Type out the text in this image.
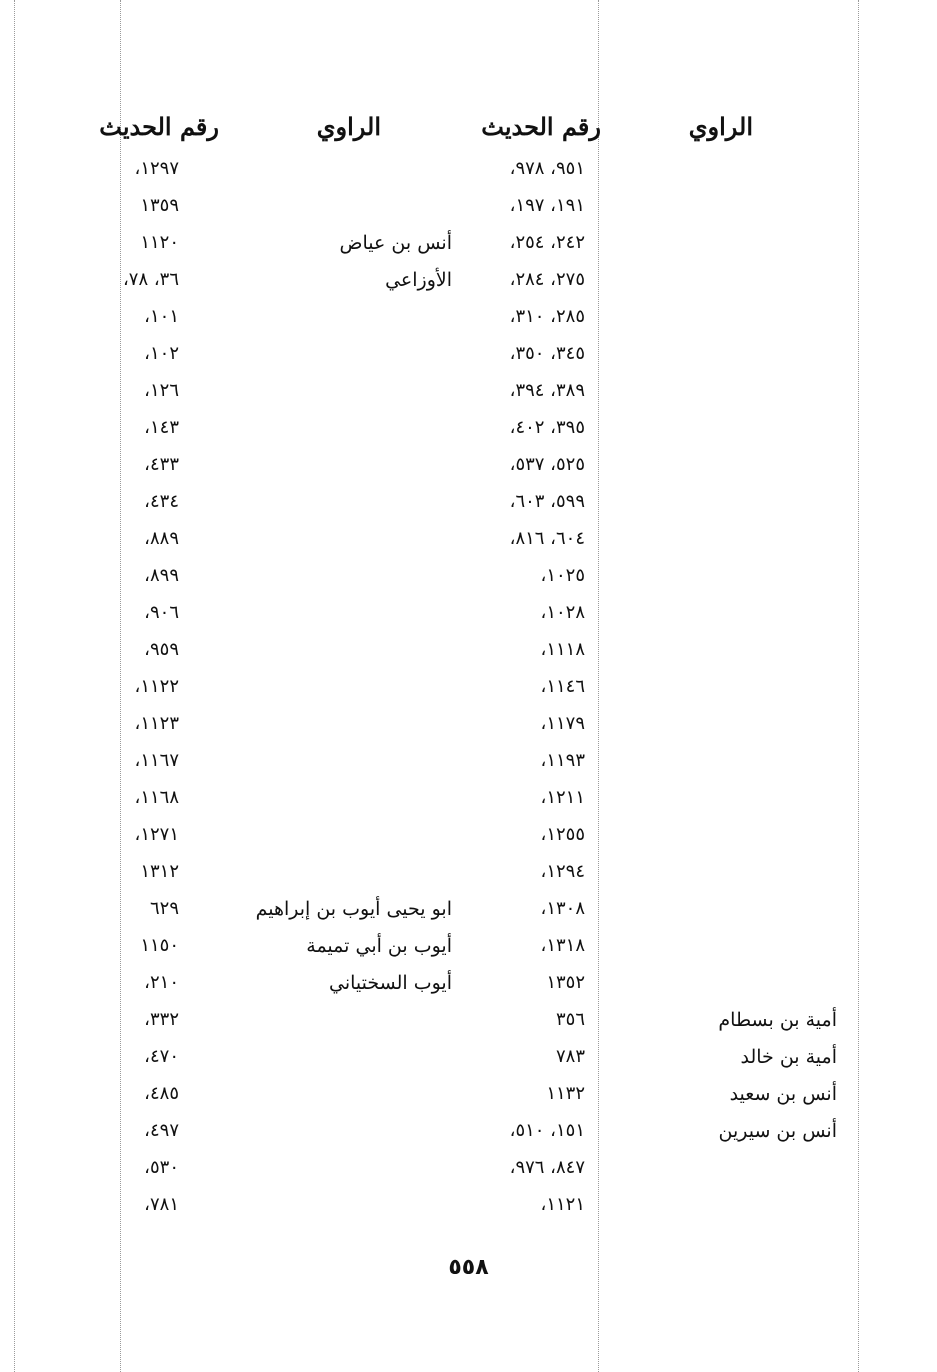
الراوي
رقم الحديث
الراوي
رقم الحديث
٩٥١، ٩٧٨،
١٩١، ١٩٧،
٢٤٢، ٢٥٤،
٢٧٥، ٢٨٤،
٢٨٥، ٣١٠،
٣٤٥، ٣٥٠،
٣٨٩، ٣٩٤،
٣٩٥، ٤٠٢،
٥٢٥، ٥٣٧،
٥٩٩، ٦٠٣،
٦٠٤، ٨١٦،
١٠٢٥،
١٠٢٨،
١١١٨،
١١٤٦،
١١٧٩،
١١٩٣،
١٢١١،
١٢٥٥،
١٢٩٤،
١٣٠٨،
١٣١٨،
١٣٥٢
أمية بن بسطام
٣٥٦
أمية بن خالد
٧٨٣
أنس بن سعيد
١١٣٢
أنس بن سيرين
١٥١، ٥١٠،
٨٤٧، ٩٧٦،
١١٢١،
١٢٩٧،
١٣٥٩
أنس بن عياض
١١٢٠
الأوزاعي
٣٦، ٧٨،
١٠١،
١٠٢،
١٢٦،
١٤٣،
٤٣٣،
٤٣٤،
٨٨٩،
٨٩٩،
٩٠٦،
٩٥٩،
١١٢٢،
١١٢٣،
١١٦٧،
١١٦٨،
١٢٧١،
١٣١٢
ابو يحيى أيوب بن إبراهيم
٦٢٩
أيوب بن أبي تميمة
١١٥٠
أيوب السختياني
٢١٠،
٣٣٢،
٤٧٠،
٤٨٥،
٤٩٧،
٥٣٠،
٧٨١،
٥٥٨
